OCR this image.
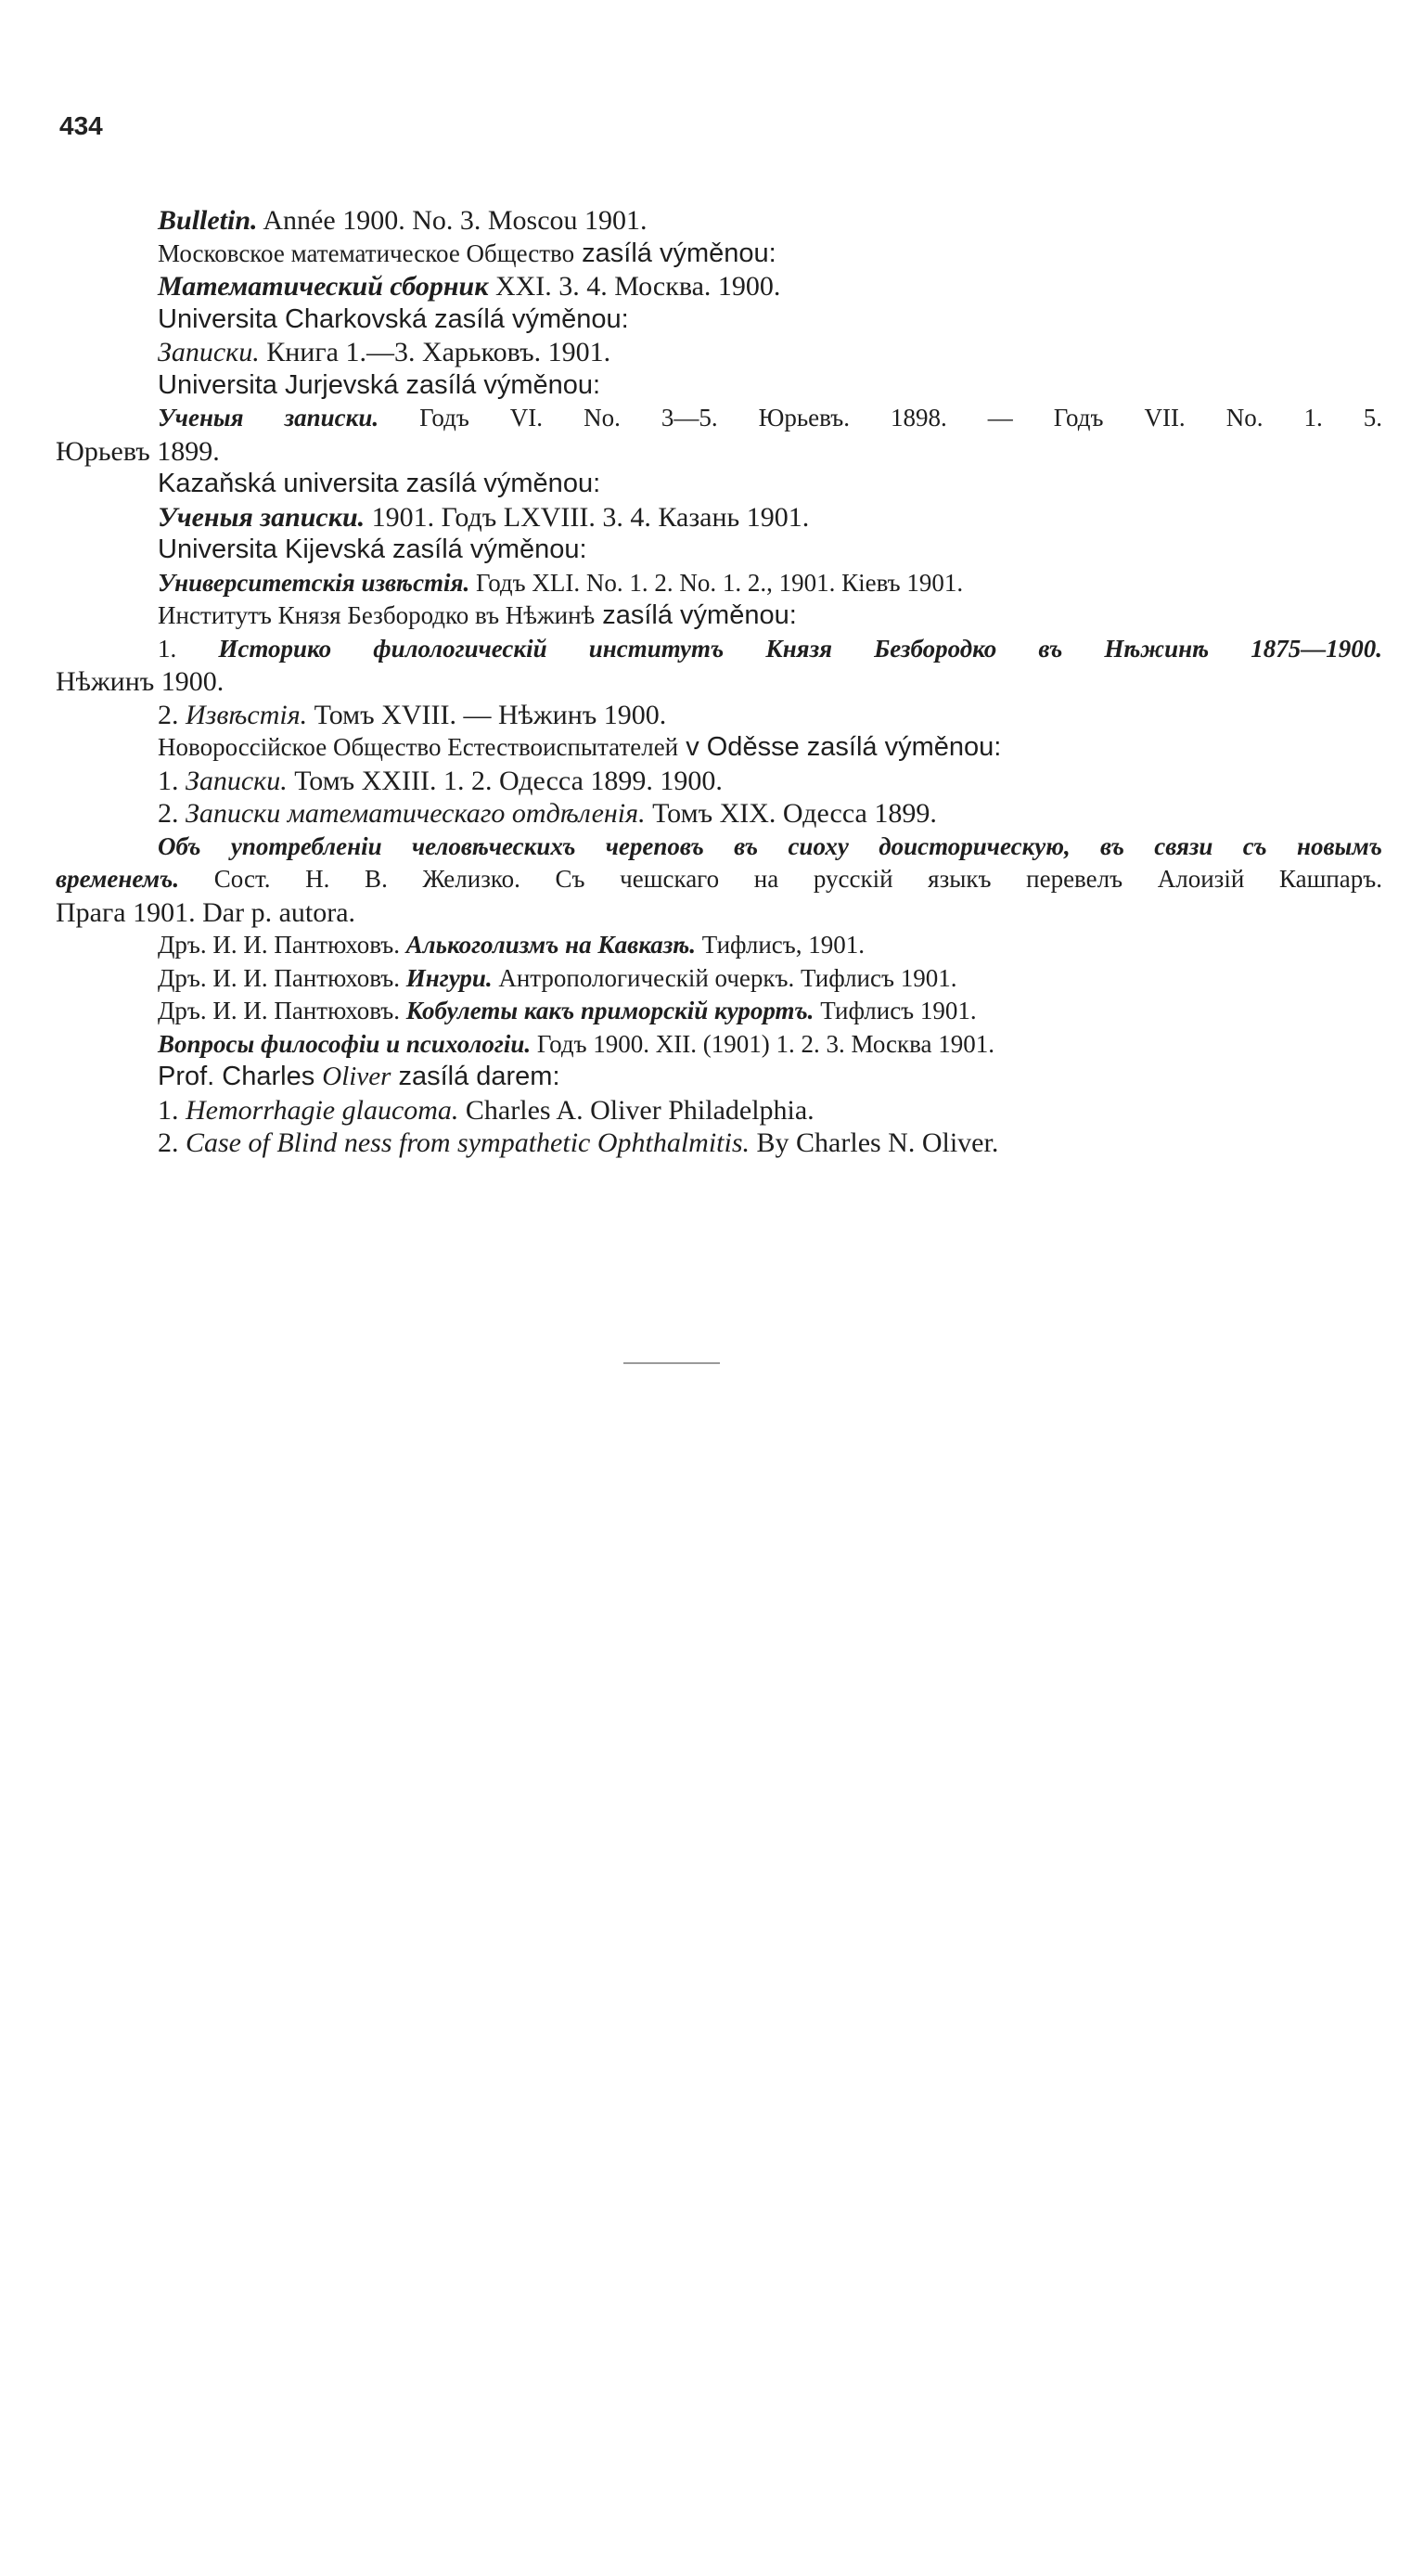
434

Bulletin. Année 1900. No. 3. Moscou 1901.

Московское математическое Общество zasílá výměnou:

Математический сборник XXI. 3. 4. Москва. 1900.

Universita Charkovská zasílá výměnou:

Записки. Книга 1.—3. Харьковъ. 1901.

Universita Jurjevská zasílá výměnou:

Ученыя записки. Годъ VI. No. 3—5. Юрьевъ. 1898. — Годъ VII. No. 1. 5.

Юрьевъ 1899.

Kazaňská universita zasílá výměnou:

Ученыя записки. 1901. Годъ LXVIII. 3. 4. Казань 1901.

Universita Kijevská zasílá výměnou:

Университетскія извѣстія. Годъ XLI. No. 1. 2. No. 1. 2., 1901. Кіевъ 1901.

Институтъ Князя Безбородко въ Нѣжинѣ zasílá výměnou:

1. Историко филологическій институтъ Князя Безбородко въ Нѣжинѣ 1875—1900.

Нѣжинъ 1900.

2. Извѣстія. Томъ XVIII. — Нѣжинъ 1900.

Новороссійское Общество Естествоиспытателей v Oděsse zasílá výměnou:

1. Записки. Томъ XXIII. 1. 2. Одесса 1899. 1900.

2. Записки математическаго отдѣленія. Томъ XIX. Одесса 1899.

Объ употребленіи человѣческихъ череповъ въ сиоху доисторическую, въ связи съ новымъ

временемъ. Сост. Н. В. Желизко. Съ чешскаго на русскій языкъ перевелъ Алоизій Кашпаръ.

Прага 1901. Dar p. autora.

Дръ. И. И. Пантюховъ. Алькоголизмъ на Кавказѣ. Тифлисъ, 1901.

Дръ. И. И. Пантюховъ. Ингури. Антропологическій очеркъ. Тифлисъ 1901.

Дръ. И. И. Пантюховъ. Кобулеты какъ приморскій курортъ. Тифлисъ 1901.

Вопросы философіи и психологіи. Годъ 1900. XII. (1901) 1. 2. 3. Москва 1901.

Prof. Charles Oliver zasílá darem:

1. Hemorrhagie glaucoma. Charles A. Oliver Philadelphia.

2. Case of Blind ness from sympathetic Ophthalmitis. By Charles N. Oliver.
